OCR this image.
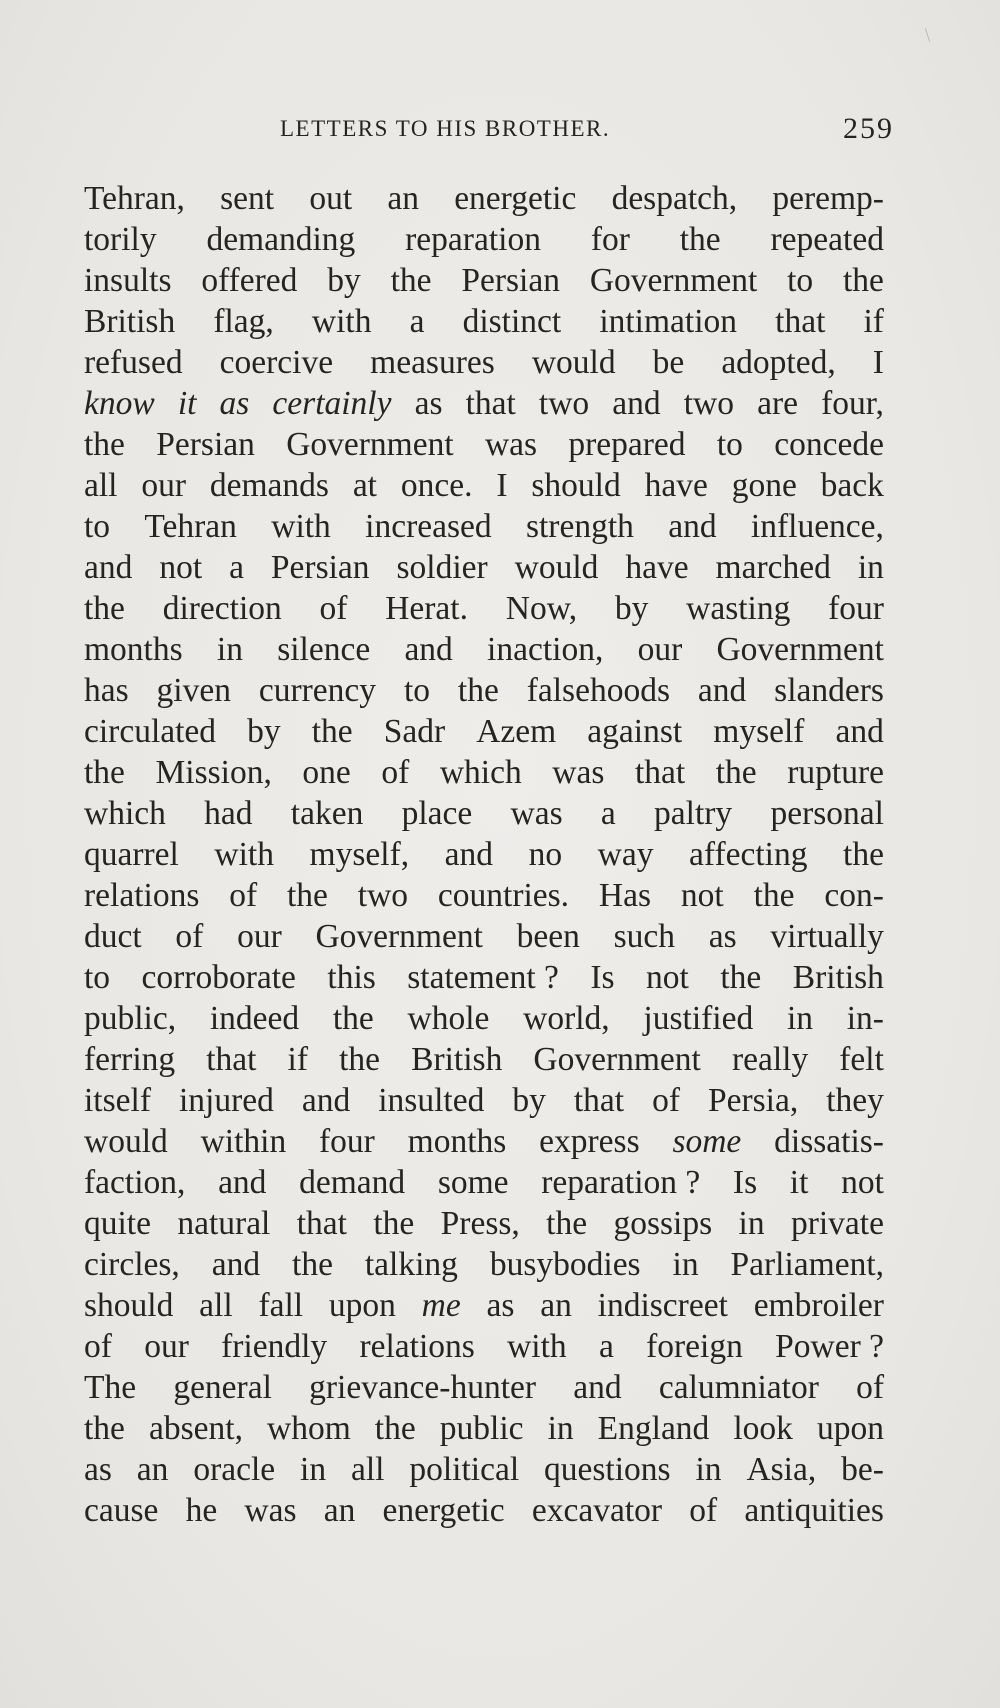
LETTERS TO HIS BROTHER.	259
Tehran, sent out an energetic despatch, peremp-
torily demanding reparation for the repeated
insults offered by the Persian Government to the
British flag, with a distinct intimation that if
refused coercive measures would be adopted, I
know it as certainly as that two and two are four,
the Persian Government was prepared to concede
all our demands at once. I should have gone back
to Tehran with increased strength and influence,
and not a Persian soldier would have marched in
the direction of Herat. Now, by wasting four
months in silence and inaction, our Government
has given currency to the falsehoods and slanders
circulated by the Sadr Azem against myself and
the Mission, one of which was that the rupture
which had taken place was a paltry personal
quarrel with myself, and no way affecting the
relations of the two countries. Has not the con-
duct of our Government been such as virtually
to corroborate this statement ? Is not the British
public, indeed the whole world, justified in in-
ferring that if the British Government really felt
itself injured and insulted by that of Persia, they
would within four months express some dissatis-
faction, and demand some reparation ? Is it not
quite natural that the Press, the gossips in private
circles, and the talking busybodies in Parliament,
should all fall upon me as an indiscreet embroiler
of our friendly relations with a foreign Power ?
The general grievance-hunter and calumniator of
the absent, whom the public in England look upon
as an oracle in all political questions in Asia, be-
cause he was an energetic excavator of antiquities
